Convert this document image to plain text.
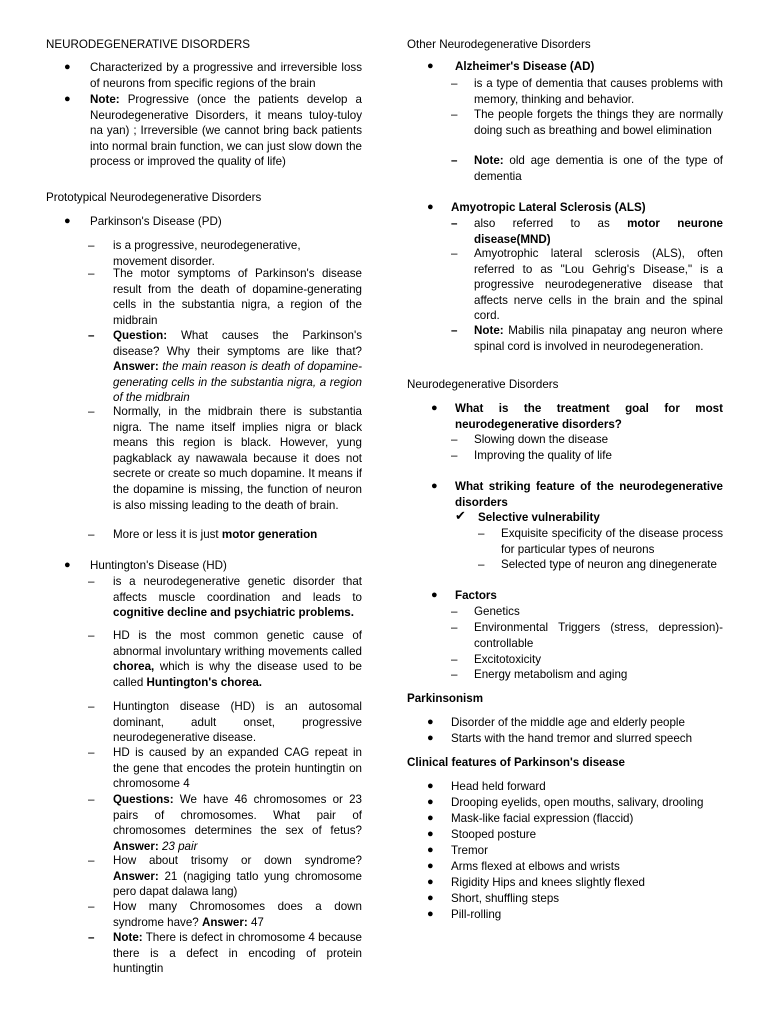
NEURODEGENERATIVE DISORDERS
● Characterized by a progressive and irreversible loss of neurons from specific regions of the brain
● Note: Progressive (once the patients develop a Neurodegenerative Disorders, it means tuloy-tuloy na yan) ; Irreversible (we cannot bring back patients into normal brain function, we can just slow down the process or improved the quality of life)
Prototypical Neurodegenerative Disorders
● Parkinson's Disease (PD)
– is a progressive, neurodegenerative, movement disorder.
– The motor symptoms of Parkinson's disease result from the death of dopamine-generating cells in the substantia nigra, a region of the midbrain
– Question: What causes the Parkinson's disease? Why their symptoms are like that? Answer: the main reason is death of dopamine-generating cells in the substantia nigra, a region of the midbrain
– Normally, in the midbrain there is substantia nigra. The name itself implies nigra or black means this region is black. However, yung pagkablack ay nawawala because it does not secrete or create so much dopamine. It means if the dopamine is missing, the function of neuron is also missing leading to the death of brain.
– More or less it is just motor generation
● Huntington's Disease (HD)
– is a neurodegenerative genetic disorder that affects muscle coordination and leads to cognitive decline and psychiatric problems.
– HD is the most common genetic cause of abnormal involuntary writhing movements called chorea, which is why the disease used to be called Huntington's chorea.
– Huntington disease (HD) is an autosomal dominant, adult onset, progressive neurodegenerative disease.
– HD is caused by an expanded CAG repeat in the gene that encodes the protein huntingtin on chromosome 4
– Questions: We have 46 chromosomes or 23 pairs of chromosomes. What pair of chromosomes determines the sex of fetus? Answer: 23 pair
– How about trisomy or down syndrome? Answer: 21 (nagiging tatlo yung chromosome pero dapat dalawa lang)
– How many Chromosomes does a down syndrome have? Answer: 47
– Note: There is defect in chromosome 4 because there is a defect in encoding of protein huntingtin
Other Neurodegenerative Disorders
● Alzheimer's Disease (AD)
– is a type of dementia that causes problems with memory, thinking and behavior.
– The people forgets the things they are normally doing such as breathing and bowel elimination
– Note: old age dementia is one of the type of dementia
● Amyotropic Lateral Sclerosis (ALS)
– also referred to as motor neurone disease(MND)
– Amyotrophic lateral sclerosis (ALS), often referred to as "Lou Gehrig's Disease," is a progressive neurodegenerative disease that affects nerve cells in the brain and the spinal cord.
– Note: Mabilis nila pinapatay ang neuron where spinal cord is involved in neurodegeneration.
Neurodegenerative Disorders
● What is the treatment goal for most neurodegenerative disorders?
– Slowing down the disease
– Improving the quality of life
● What striking feature of the neurodegenerative disorders
✔ Selective vulnerability
– Exquisite specificity of the disease process for particular types of neurons
– Selected type of neuron ang dinegenerate
● Factors
– Genetics
– Environmental Triggers (stress, depression)- controllable
– Excitotoxicity
– Energy metabolism and aging
Parkinsonism
● Disorder of the middle age and elderly people
● Starts with the hand tremor and slurred speech
Clinical features of Parkinson's disease
● Head held forward
● Drooping eyelids, open mouths, salivary, drooling
● Mask-like facial expression (flaccid)
● Stooped posture
● Tremor
● Arms flexed at elbows and wrists
● Rigidity Hips and knees slightly flexed
● Short, shuffling steps
● Pill-rolling
